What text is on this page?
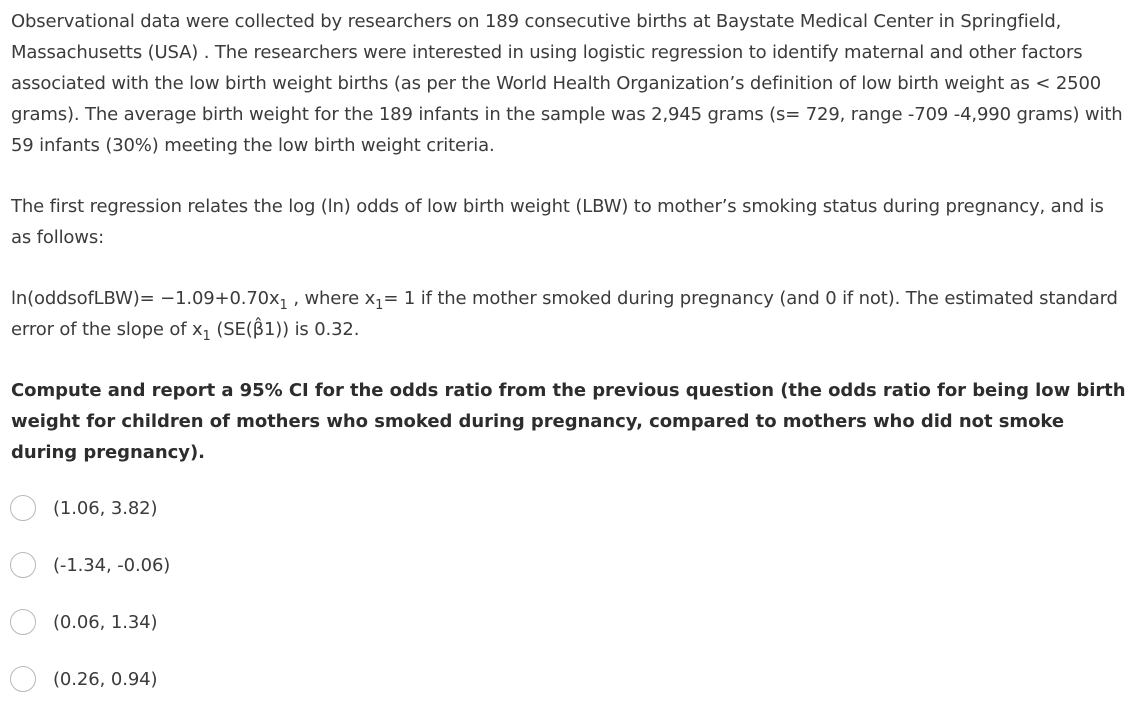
Observational data were collected by researchers on 189 consecutive births at Baystate Medical Center in Springfield, Massachusetts (USA) . The researchers were interested in using logistic regression to identify maternal and other factors associated with the low birth weight births (as per the World Health Organization’s definition of low birth weight as < 2500 grams). The average birth weight for the 189 infants in the sample was 2,945 grams (s= 729, range -709 -4,990 grams) with 59 infants (30%) meeting the low birth weight criteria.

The first regression relates the log (ln) odds of low birth weight (LBW) to mother’s smoking status during pregnancy, and is as follows:

ln(oddsofLBW)= $-1.09+0.70x_1$ , where $x_1= 1$ if the mother smoked during pregnancy (and 0 if not). The estimated standard error of the slope of $x_1$ (SE(β̂1)) is 0.32.

Compute and report a 95% CI for the odds ratio from the previous question (the odds ratio for being low birth weight for children of mothers who smoked during pregnancy, compared to mothers who did not smoke during pregnancy).

(1.06, 3.82)
(-1.34, -0.06)
(0.06, 1.34)
(0.26, 0.94)
